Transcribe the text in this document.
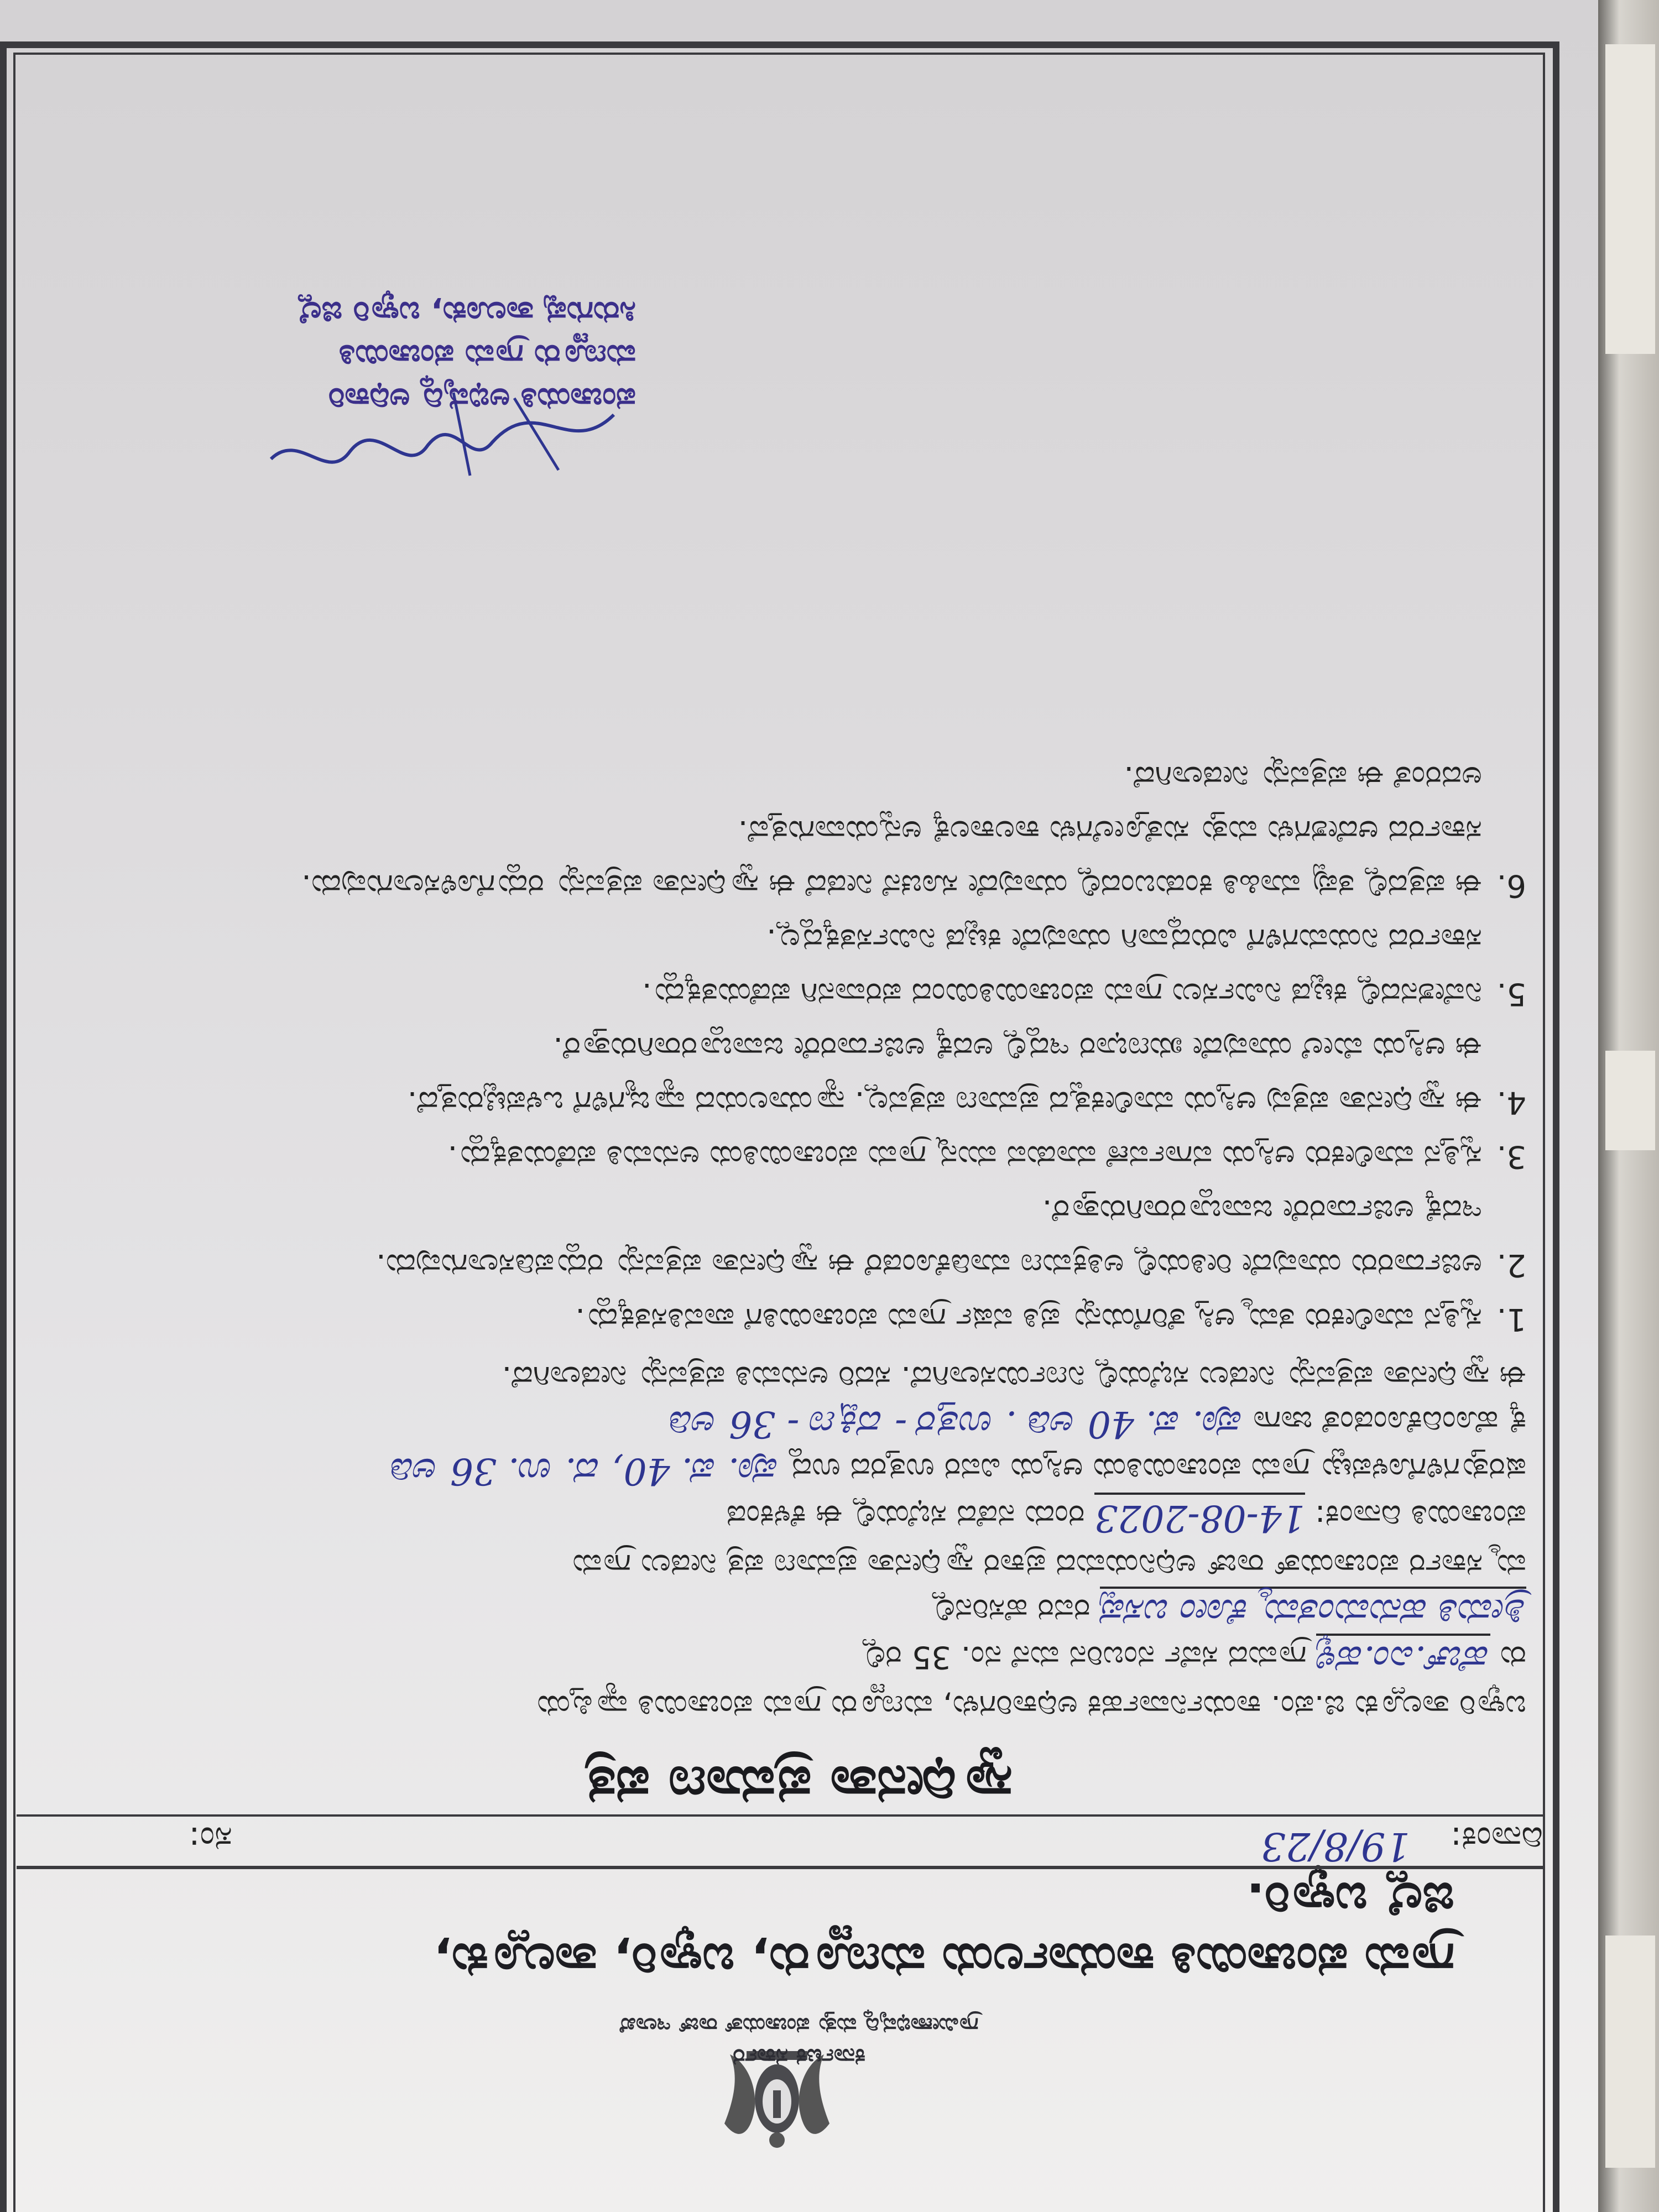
ಕರ್ನಾಟಕ ಸರ್ಕಾರ
ಗ್ರಾಮೀಣಾಭಿವೃದ್ಧಿ ಮತ್ತು ಪಂಚಾಯತ್ ರಾಜ್ ಇಲಾಖೆ
ಗ್ರಾಮ ಪಂಚಾಯಿತಿ ಕಾರ್ಯಾಲಯ ಮಣ್ಣೂರು, ಬಳ್ಳಾರಿ, ತಾಲ್ಲೂಕು,
ಜಿಲ್ಲೆ ಬಳ್ಳಾರಿ.
ಸಂ:	ದಿನಾಂಕ:
19/8/23
ಸ್ವಾಧೀನತಾ ಪ್ರಮಾಣ ಪತ್ರ
ಬಳ್ಳಾರಿ ತಾಲ್ಲೂಕು ಜಿ.ಪಂ. ಕಾರ್ಯನಿರ್ವಾಹಕ ಅಧಿಕಾರಿಗಳು, ಮಣ್ಣೂರು ಗ್ರಾಮ ಪಂಚಾಯಿತಿ ವ್ಯಾಪ್ತಿಯ
ರು ಹೆಚ್.ಎಂ.ಹಳ್ಳಿ ಗ್ರಾಮದ ಸರ್ವೆ ನಂಬರಿನ ಮನೆ ನಂ. 35 ರಲ್ಲಿ
ಶ್ರೀಮತಿ ಹನುಮಂತಮ್ಮ ಕೋಂ ಬಸಪ್ಪ ರವರ ಹೆಸರಿನಲ್ಲಿ
ಮ್ಮ ಸರ್ಕಾರ ಪಂಚಾಯತ್ ರಾಜ್ ಅಧಿನಿಯಮದ ಪ್ರಕಾರ ಸ್ವಾಧೀನತಾ ಪ್ರಮಾಣ ಪತ್ರ ನೀಡಲು ಗ್ರಾಮ
ಪಂಚಾಯಿತಿ ದಿನಾಂಕ: 14-08-2023 ರಂದು ನಡೆದ ಸಭೆಯಲ್ಲಿ ಈ ಕೆಳಕಂಡ
ಷರತ್ತುಗಳಿಗೊಳಪಟ್ಟು ಗ್ರಾಮ ಪಂಚಾಯಿತಿಯ ಆಸ್ತಿಯ ವಿವರ ಉತ್ತರದ ಉದ್ದ ಪೂ. ಪ. 40, ದ. ಉ. 36 ಅಡಿ
ಕ್ಕೆ ಹೊಂದಿಕೊಂಡಂತೆ ಜಾಗಾ ಪೂ. ಪ. 40 ಅಡಿ . ಉತ್ತರ - ದಕ್ಷಿಣ - 36 ಅಡಿ
ಈ ಸ್ವಾಧೀನತಾ ಪತ್ರವನ್ನು ನೀಡಲು ಸಭೆಯಲ್ಲಿ ನಿರ್ಣಯಿಸಲಾಗಿದೆ. ಸದರಿ ಅನುಮತಿ ಪತ್ರವನ್ನು ನೀಡಲಾಗಿದೆ.
1.
ಸ್ವತ್ತಿನ ಮಾಲೀಕರು ತಮ್ಮ ಆಸ್ತಿ ತೆರಿಗೆಯನ್ನು ಪ್ರತಿ ವರ್ಷ ಗ್ರಾಮ ಪಂಚಾಯಿತಿಗೆ ಪಾವತಿಸತಕ್ಕದ್ದು.
2.
ಅರ್ಜಿದಾರರು ಯಾವುದೇ ರೀತಿಯಲ್ಲಿ ಅತಿಕ್ರಮಣ ಮಾಡಿಕೊಂಡರೆ ಈ ಸ್ವಾಧೀನತಾ ಪತ್ರವನ್ನು ರದ್ದುಪಡಿಸಲಾಗುವುದು.
ಇದಕ್ಕೆ ಅರ್ಜಿದಾರರೇ ಜವಾಬ್ದಾರರಾಗಿರುತ್ತಾರೆ.
3.
ಸ್ವತ್ತಿನ ಮಾಲೀಕರು ಆಸ್ತಿಯ ವರ್ಗಾವಣೆ ಮಾಡುವ ಮುನ್ನ ಗ್ರಾಮ ಪಂಚಾಯಿತಿಯ ಅನುಮತಿ ಪಡೆಯತಕ್ಕದ್ದು.
4.
ಈ ಸ್ವಾಧೀನತಾ ಪತ್ರವು ಆಸ್ತಿಯ ಮಾಲೀಕತ್ವದ ಪ್ರಮಾಣ ಪತ್ರವಲ್ಲ. ನ್ಯಾಯಾಲಯದ ವ್ಯಾಜ್ಯಗಳಿಗೆ ಒಳಪಟ್ಟಿರುತ್ತದೆ.
ಈ ಆಸ್ತಿಯ ಮೇಲೆ ಯಾವುದೇ ಋಣಭಾರ ಇದ್ದಲ್ಲಿ ಅದಕ್ಕೆ ಅರ್ಜಿದಾರರೇ ಜವಾಬ್ದಾರರಾಗಿರುತ್ತಾರೆ.
5.
ನಿವೇಶನದಲ್ಲಿ ಕಟ್ಟಡ ನಿರ್ಮಿಸಲು ಗ್ರಾಮ ಪಂಚಾಯಿತಿಯಿಂದ ಪರವಾನಗಿ ಪಡೆಯತಕ್ಕದ್ದು.
ಸರ್ಕಾರದ ನಿಯಮಗಳಿಗೆ ವಿರುದ್ಧವಾಗಿ ಯಾವುದೇ ಕಟ್ಟಡ ನಿರ್ಮಿಸತಕ್ಕದ್ದಲ್ಲ.
6.
ಈ ಪತ್ರದಲ್ಲಿ ತಪ್ಪು ಮಾಹಿತಿ ಕಂಡುಬಂದಲ್ಲಿ ಯಾವುದೇ ಸೂಚನೆ ನೀಡದೆ ಈ ಸ್ವಾಧೀನತಾ ಪತ್ರವನ್ನು ರದ್ದುಗೊಳಿಸಲಾಗುವುದು.
ಸರ್ಕಾರದ ಆದೇಶಗಳು ಮತ್ತು ಸುತ್ತೋಲೆಗಳು ಕಾಲಕಾಲಕ್ಕೆ ಅನ್ವಯವಾಗುತ್ತವೆ.
ಅದರಂತೆ ಈ ಪತ್ರವನ್ನು ನೀಡಲಾಗಿದೆ.
ಪಂಚಾಯತಿ ಅಭಿವೃದ್ಧಿ ಅಧಿಕಾರಿ
ಮಣ್ಣೂರು ಗ್ರಾಮ ಪಂಚಾಯಿತಿ
ಸಿರುಗುಪ್ಪ ತಾಲೂಕು, ಬಳ್ಳಾರಿ ಜಿಲ್ಲೆ
